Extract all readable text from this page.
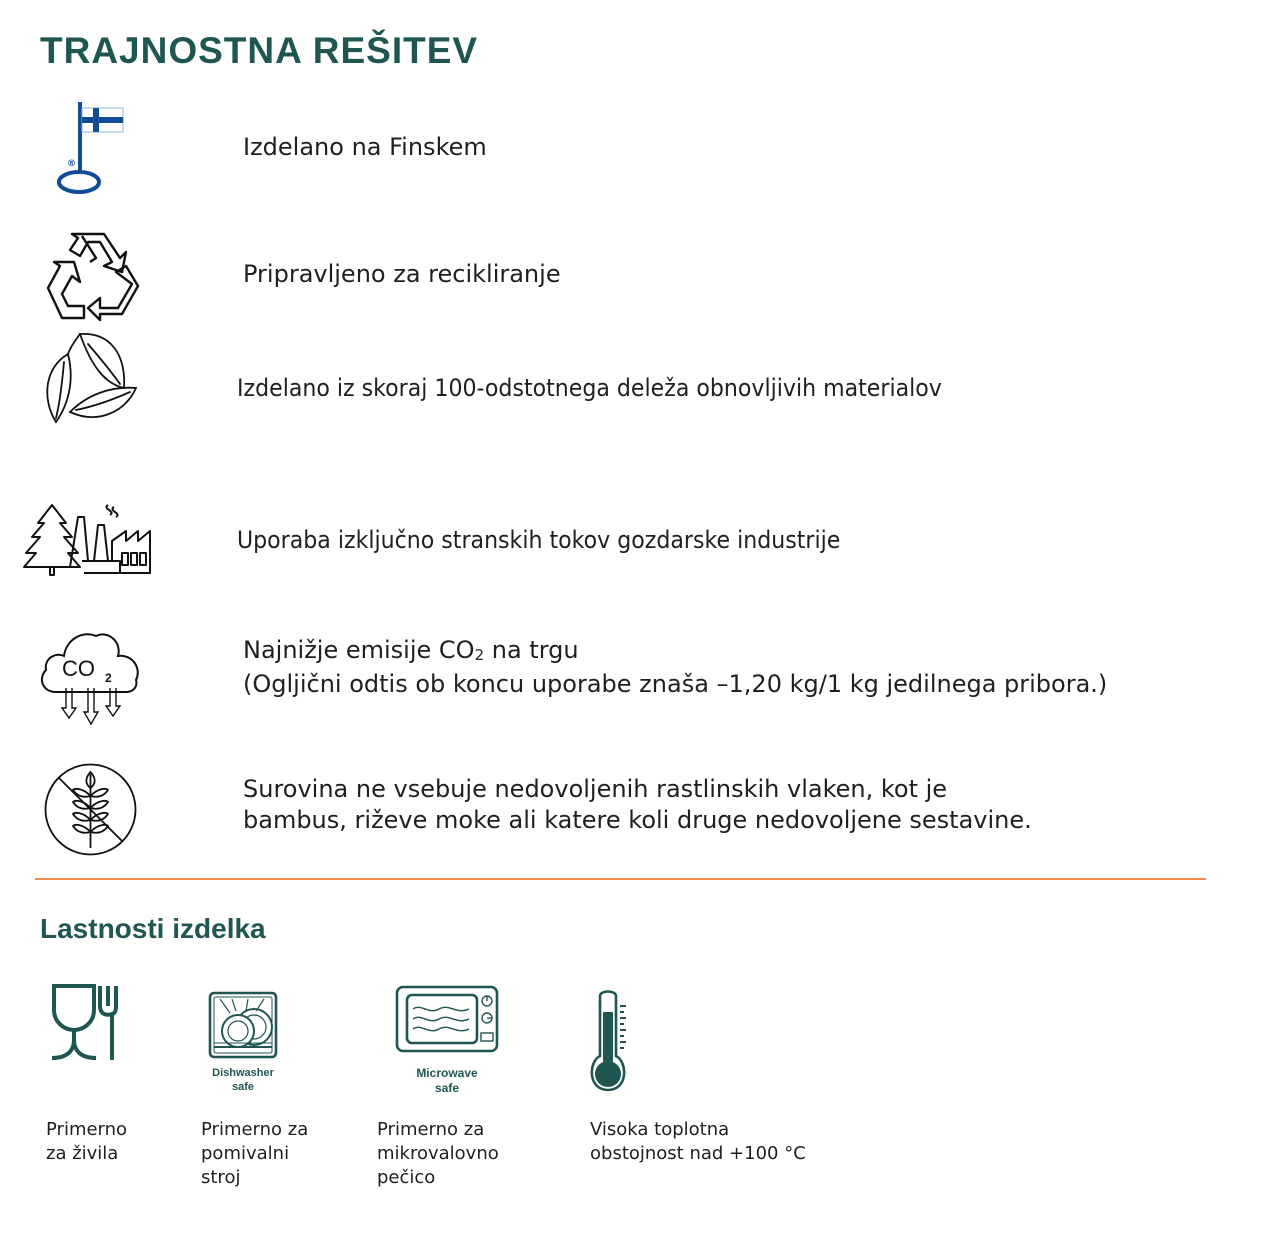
TRAJNOSTNA REŠITEV
®
Izdelano na Finskem
Pripravljeno za recikliranje
Izdelano iz skoraj 100-odstotnega deleža obnovljivih materialov
Uporaba izključno stranskih tokov gozdarske industrije
CO 2
Najnižje emisije CO2 na trgu
(Ogljični odtis ob koncu uporabe znaša –1,20 kg/1 kg jedilnega pribora.)
Surovina ne vsebuje nedovoljenih rastlinskih vlaken, kot je
bambus, riževe moke ali katere koli druge nedovoljene sestavine.
Lastnosti izdelka
Primerno
za živila
Dishwasher
safe
Primerno za
pomivalni
stroj
Microwave
safe
Primerno za
mikrovalovno
pečico
Visoka toplotna
obstojnost nad +100 °C
